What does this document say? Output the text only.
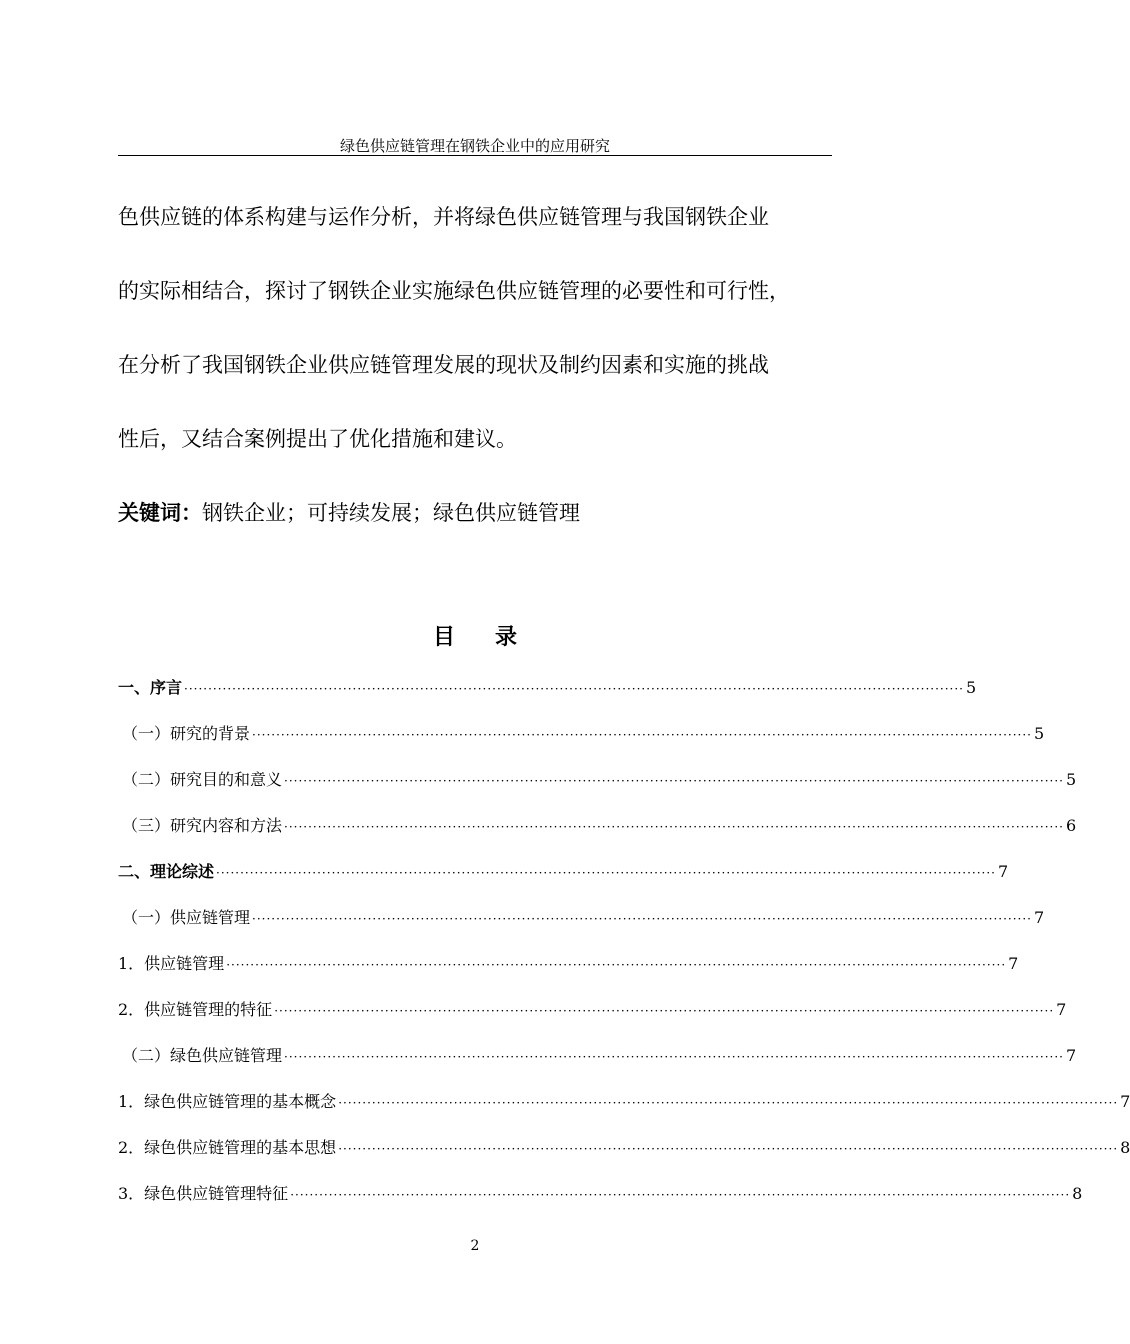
绿色供应链管理在钢铁企业中的应用研究
色供应链的体系构建与运作分析，并将绿色供应链管理与我国钢铁企业
的实际相结合，探讨了钢铁企业实施绿色供应链管理的必要性和可行性，
在分析了我国钢铁企业供应链管理发展的现状及制约因素和实施的挑战
性后，又结合案例提出了优化措施和建议。
关键词：钢铁企业；可持续发展；绿色供应链管理
目录
一、序言 ·································································································································································· 5
（一）研究的背景 ·································································································································································· 5
（二）研究目的和意义 ·································································································································································· 5
（三）研究内容和方法 ·································································································································································· 6
二、理论综述 ·································································································································································· 7
（一）供应链管理 ·································································································································································· 7
1．供应链管理 ·································································································································································· 7
2．供应链管理的特征 ·································································································································································· 7
（二）绿色供应链管理 ·································································································································································· 7
1．绿色供应链管理的基本概念 ·································································································································································· 7
2．绿色供应链管理的基本思想 ·································································································································································· 8
3．绿色供应链管理特征 ·································································································································································· 8
2
